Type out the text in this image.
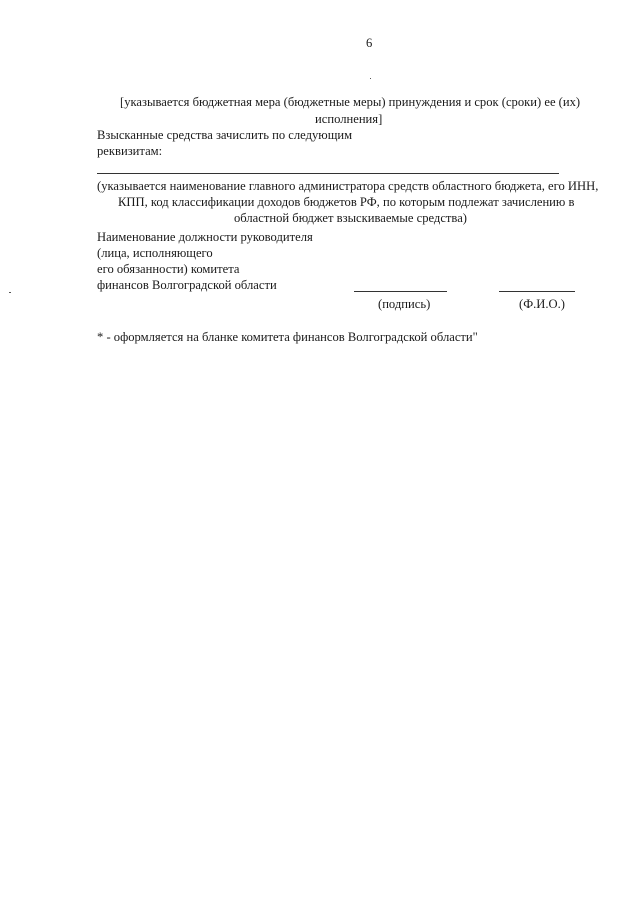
6
[указывается бюджетная мера (бюджетные меры) принуждения и срок (сроки) ее (их)
исполнения]
Взысканные средства зачислить по следующим
реквизитам:
(указывается наименование главного администратора средств областного бюджета, его ИНН,
КПП, код классификации доходов бюджетов РФ, по которым подлежат зачислению в
областной бюджет взыскиваемые средства)
Наименование должности руководителя
(лица, исполняющего
его обязанности) комитета
финансов Волгоградской области
(подпись)	(Ф.И.О.)
* - оформляется на бланке комитета финансов Волгоградской области"
